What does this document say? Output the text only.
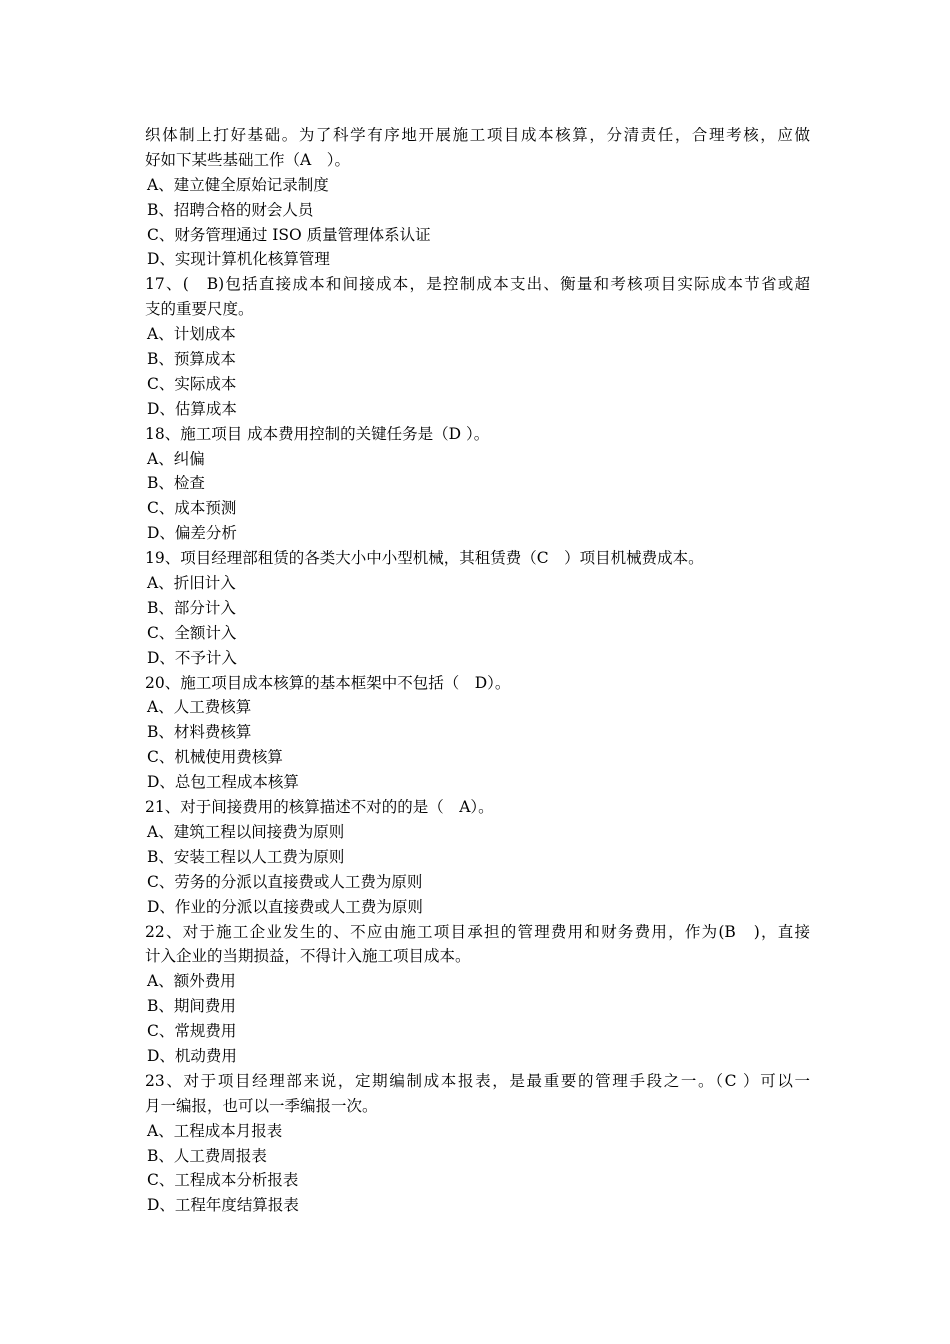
织体制上打好基础。为了科学有序地开展施工项目成本核算，分清责任，合理考核，应做
好如下某些基础工作（A　）。
A、建立健全原始记录制度
B、招聘合格的财会人员
C、财务管理通过 ISO 质量管理体系认证
D、实现计算机化核算管理
17、(　B)包括直接成本和间接成本，是控制成本支出、衡量和考核项目实际成本节省或超
支的重要尺度。
A、计划成本
B、预算成本
C、实际成本
D、估算成本
18、施工项目 成本费用控制的关键任务是（D ）。
A、纠偏
B、检查
C、成本预测
D、偏差分析
19、项目经理部租赁的各类大小中小型机械，其租赁费（C　）项目机械费成本。
A、折旧计入
B、部分计入
C、全额计入
D、不予计入
20、施工项目成本核算的基本框架中不包括（　D）。
A、人工费核算
B、材料费核算
C、机械使用费核算
D、总包工程成本核算
21、对于间接费用的核算描述不对的的是（　A）。
A、建筑工程以间接费为原则
B、安装工程以人工费为原则
C、劳务的分派以直接费或人工费为原则
D、作业的分派以直接费或人工费为原则
22、对于施工企业发生的、不应由施工项目承担的管理费用和财务费用，作为(B　)，直接
计入企业的当期损益，不得计入施工项目成本。
A、额外费用
B、期间费用
C、常规费用
D、机动费用
23、对于项目经理部来说，定期编制成本报表，是最重要的管理手段之一。（C ）可以一
月一编报，也可以一季编报一次。
A、工程成本月报表
B、人工费周报表
C、工程成本分析报表
D、工程年度结算报表
